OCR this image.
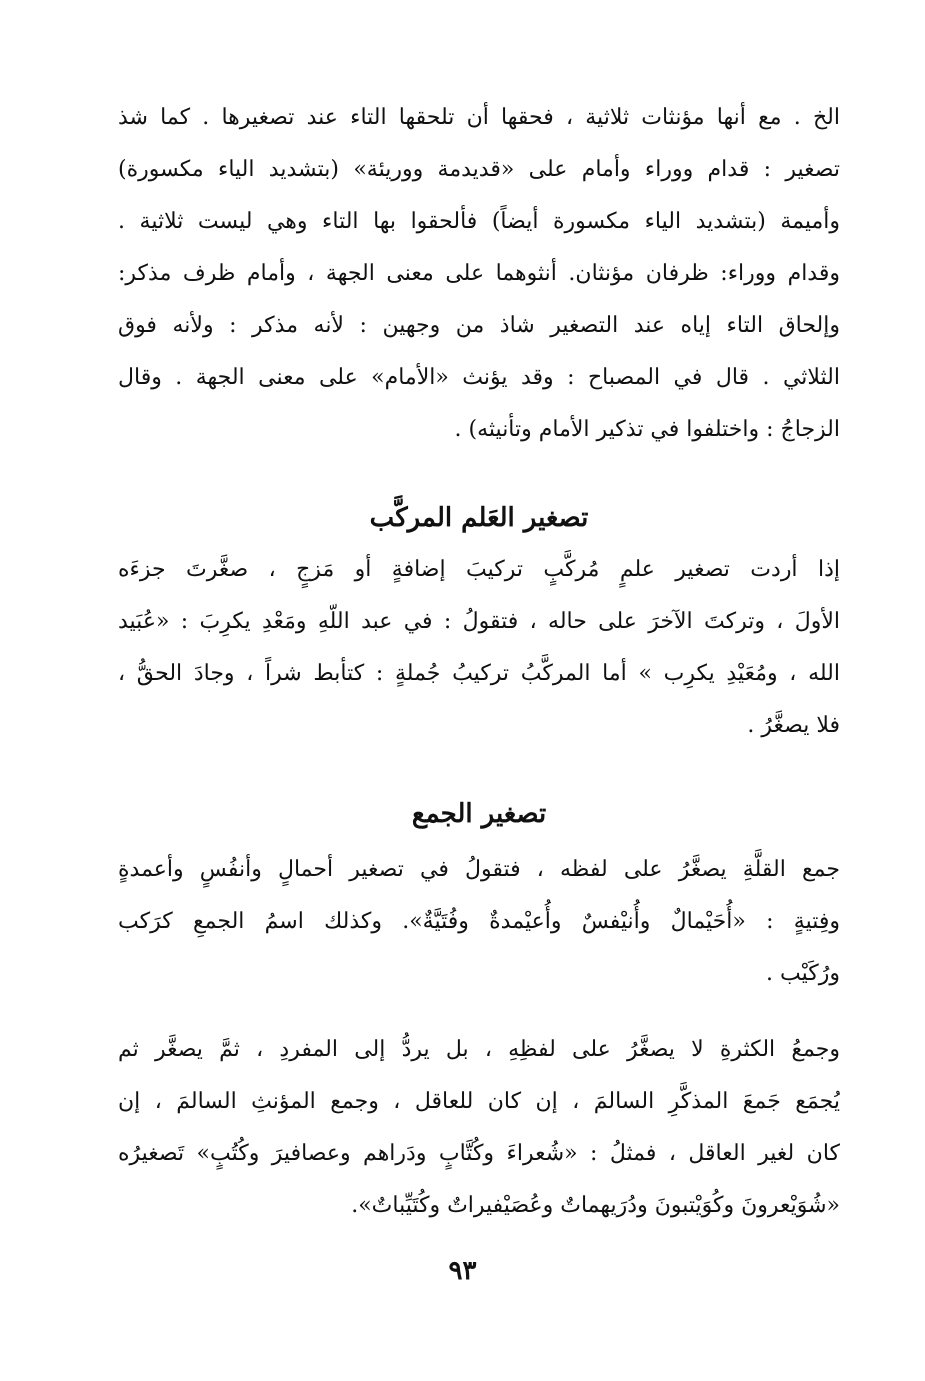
الخ . مع أنها مؤنثات ثلاثية ، فحقها أن تلحقها التاء عند تصغيرها . كما شذ
تصغير : قدام ووراء وأمام على «قديدمة ووريئة» (بتشديد الياء مكسورة)
وأميمة (بتشديد الياء مكسورة أيضاً) فألحقوا بها التاء وهي ليست ثلاثية .
وقدام ووراء: ظرفان مؤنثان. أنثوهما على معنى الجهة ، وأمام ظرف مذكر:
وإلحاق التاء إياه عند التصغير شاذ من وجهين : لأنه مذكر : ولأنه فوق
الثلاثي . قال في المصباح : وقد يؤنث «الأمام» على معنى الجهة . وقال
الزجاجُ : واختلفوا في تذكير الأمام وتأنيثه) .
تصغير العَلم المركَّب
إذا أردت تصغير علمٍ مُركَّبٍ تركيبَ إضافةٍ أو مَزجٍ ، صغَّرتَ جزءَه
الأولَ ، وتركتَ الآخرَ على حاله ، فتقولُ : في عبد اللّهِ ومَعْدِ يكرِبَ : «عُبَيد
الله ، ومُعَيْدِ يكرِب » أما المركَّبُ تركيبُ جُملةٍ : كتأبط شراً ، وجادَ الحقُّ ،
فلا يصغَّرُ .
تصغير الجمع
جمع القلَّةِ يصغَّرُ على لفظه ، فتقولُ في تصغير أحمالٍ وأنفُسٍ وأعمدةٍ
وفِتيةٍ : «أُحَيْمالٌ وأُنيْفسٌ وأُعيْمدةٌ وفُتَيَّةٌ». وكذلك اسمُ الجمعِ كرَكب
ورُكَيْب .
وجمعُ الكثرةِ لا يصغَّرُ على لفظِهِ ، بل يردُّ إلى المفردِ ، ثمَّ يصغَّر ثم
يُجمَع جَمعَ المذكَّرِ السالمَ ، إن كان للعاقل ، وجمع المؤنثِ السالمَ ، إن
كان لغير العاقل ، فمثلُ : «شُعراءَ وكُتَّابٍ ودَراهم وعصافيرَ وكُتُبٍ» تَصغيرُه
«شُوَيْعرونَ وكُوَيْتبونَ ودُرَيهماتٌ وعُصَيْفيراتٌ وكُتَيِّباتٌ».
٩٣
